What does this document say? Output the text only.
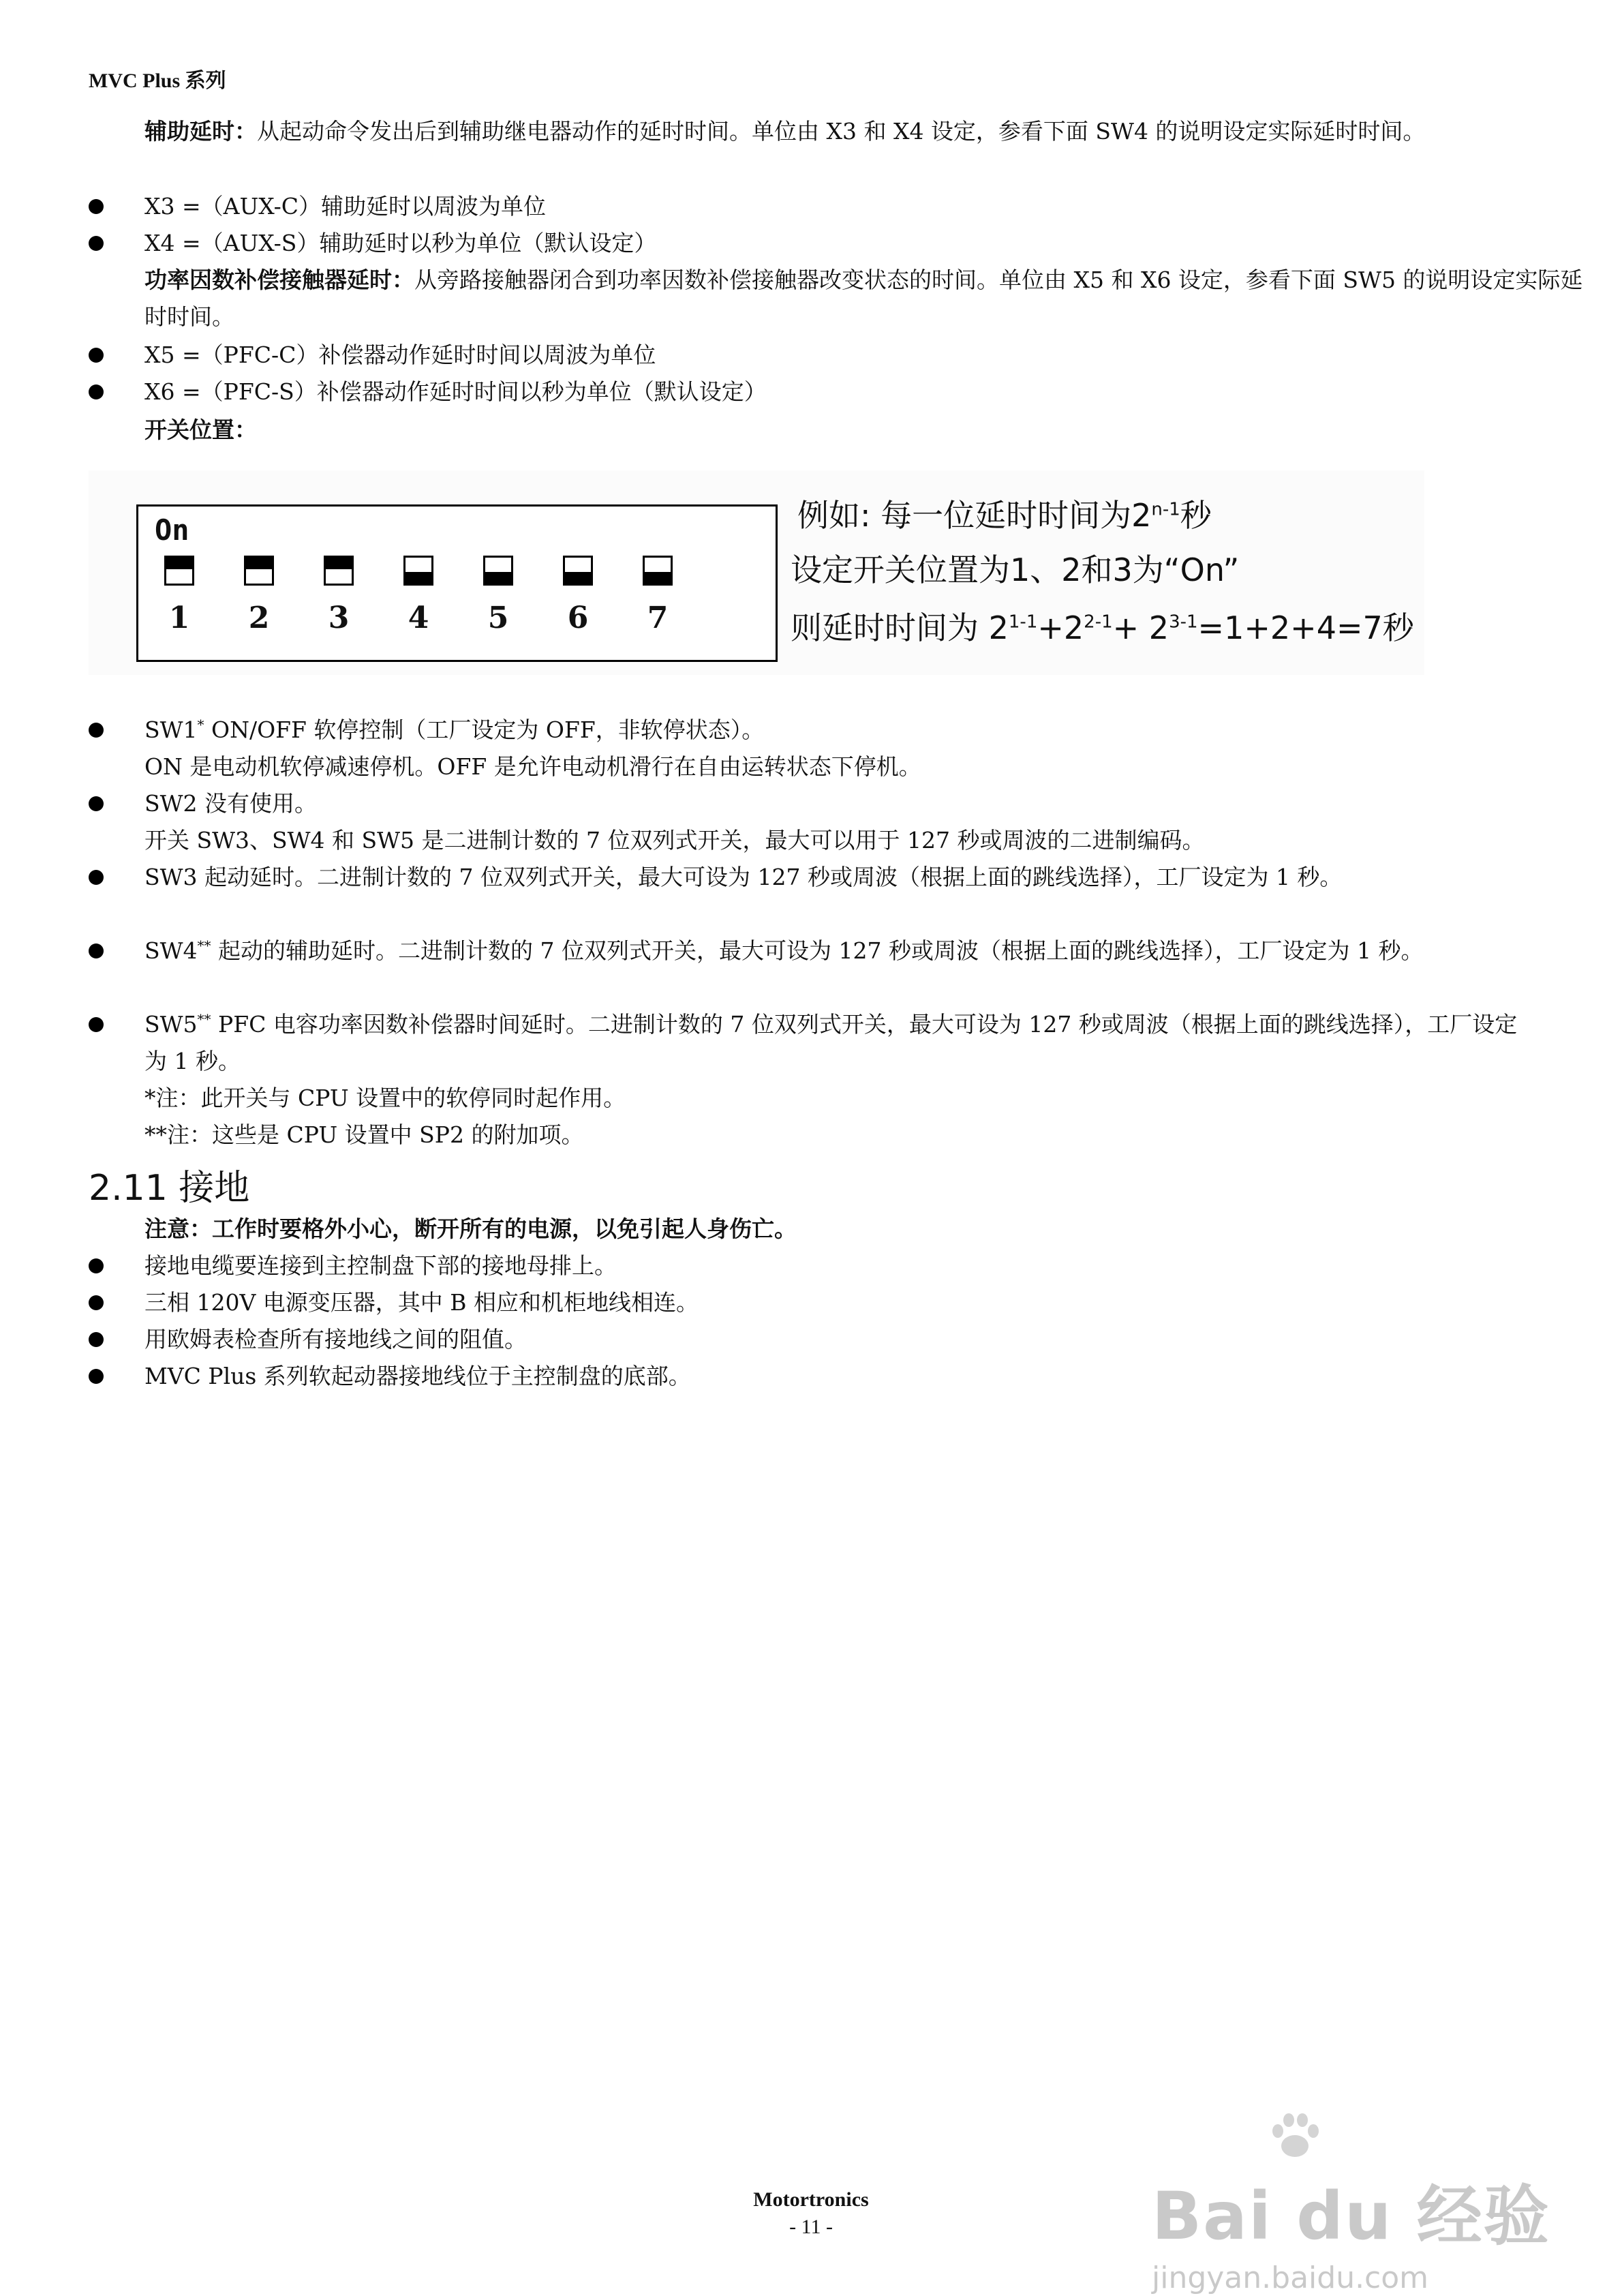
MVC Plus 系列
辅助延时：从起动命令发出后到辅助继电器动作的延时时间。单位由 X3 和 X4 设定，参看下面 SW4 的说明设定实际延时时间。
X3 =（AUX-C）辅助延时以周波为单位
X4 =（AUX-S）辅助延时以秒为单位（默认设定）
功率因数补偿接触器延时：从旁路接触器闭合到功率因数补偿接触器改变状态的时间。单位由 X5 和 X6 设定，参看下面 SW5 的说明设定实际延时时间。
X5 =（PFC-C）补偿器动作延时时间以周波为单位
X6 =（PFC-S）补偿器动作延时时间以秒为单位（默认设定）
开关位置：
On
1 2 3 4 5 6 7
例如: 每一位延时时间为2$^{n-1}$秒
设定开关位置为1、2和3为“On”
则延时时间为 $2^{1-1}+2^{2-1}+ 2^{3-1}=1+2+4=7$秒
SW1* ON/OFF 软停控制（工厂设定为 OFF，非软停状态）。
ON 是电动机软停减速停机。OFF 是允许电动机滑行在自由运转状态下停机。
SW2 没有使用。
开关 SW3、SW4 和 SW5 是二进制计数的 7 位双列式开关，最大可以用于 127 秒或周波的二进制编码。
SW3 起动延时。二进制计数的 7 位双列式开关，最大可设为 127 秒或周波（根据上面的跳线选择），工厂设定为 1 秒。
SW4** 起动的辅助延时。二进制计数的 7 位双列式开关，最大可设为 127 秒或周波（根据上面的跳线选择），工厂设定为 1 秒。
SW5** PFC 电容功率因数补偿器时间延时。二进制计数的 7 位双列式开关，最大可设为 127 秒或周波（根据上面的跳线选择），工厂设定为 1 秒。
*注：此开关与 CPU 设置中的软停同时起作用。
**注：这些是 CPU 设置中 SP2 的附加项。
2.11 接地
注意：工作时要格外小心，断开所有的电源，以免引起人身伤亡。
接地电缆要连接到主控制盘下部的接地母排上。
三相 120V 电源变压器，其中 B 相应和机柜地线相连。
用欧姆表检查所有接地线之间的阻值。
MVC Plus 系列软起动器接地线位于主控制盘的底部。
Motortronics
- 11 -	Bai du 经验
jingyan.baidu.com
